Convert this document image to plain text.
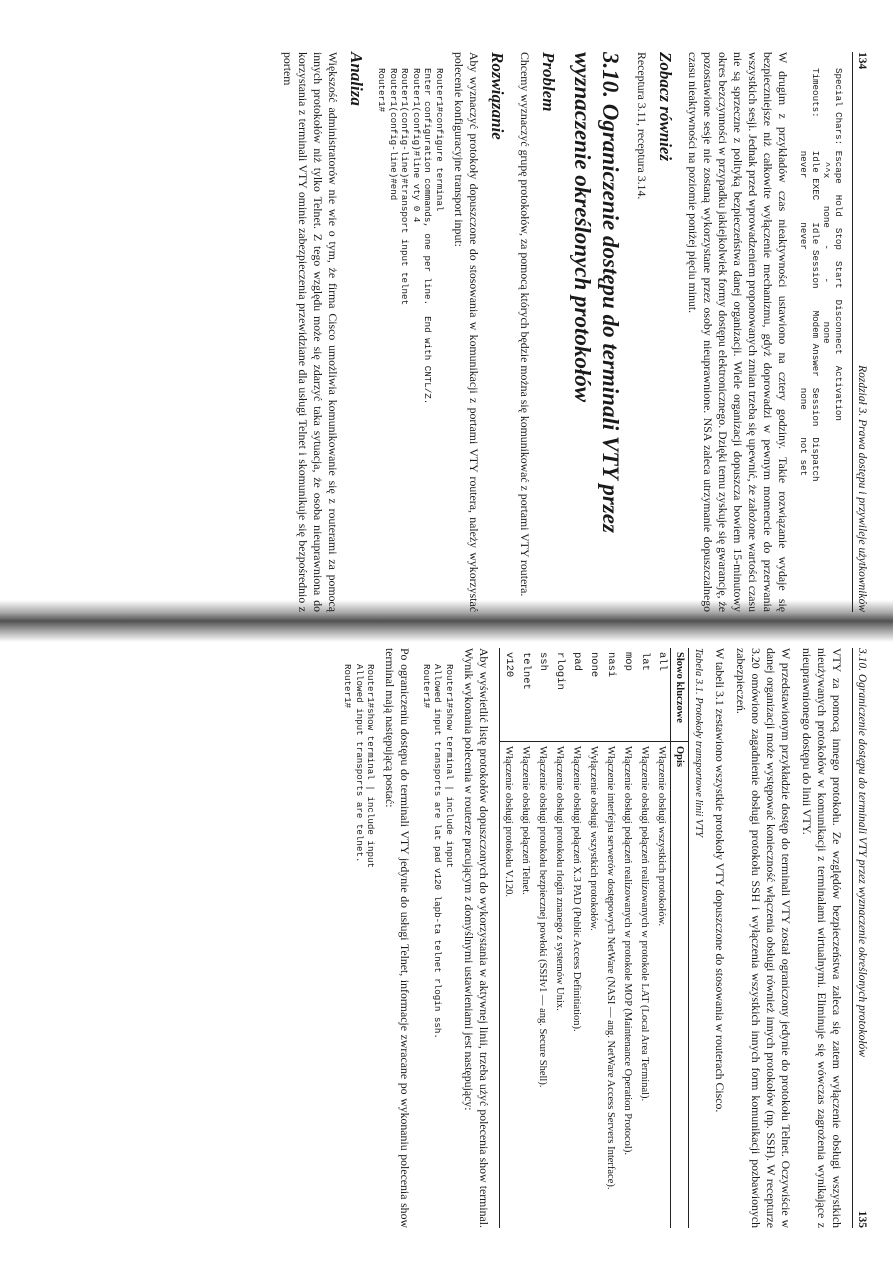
134
Rozdział 3. Prawa dostępu i przywileje użytkowników
Special Chars: Escape  Hold  Stop  Start  Disconnect  Activation
^^x     none   -     -       none
Timeouts:      Idle EXEC    Idle Session    Modem Answer  Session  Dispatch
never        never                         none     not set

W drugim z przykładów czas nieaktywności ustawiono na cztery godziny. Takie rozwiązanie wydaje się bezpieczniejsze niż całkowite wyłączenie mechanizmu, gdyż doprowadzi w pewnym momencie do przerwania wszystkich sesji. Jednak przed wprowadzeniem proponowanych zmian trzeba się upewnić, że założone wartości czasu nie są sprzeczne z polityką bezpieczeństwa danej organizacji. Wiele organizacji dopuszcza bowiem 15-minutowy okres bezczynności w przypadku jakiejkolwiek formy dostępu elektronicznego. Dzięki temu zyskuje się gwarancję, że pozostawione sesje nie zostaną wykorzystane przez osoby nieuprawnione. NSA zaleca utrzymanie dopuszczalnego czasu nieaktywności na poziomie poniżej pięciu minut.

Zobacz również

Receptura 3.11, receptura 3.14.

3.10. Ograniczenie dostępu do terminali VTY przez wyznaczenie określonych protokołów
Problem

Chcemy wyznaczyć grupę protokołów, za pomocą których będzie można się komunikować z portami VTY routera.

Rozwiązanie

Aby wyznaczyć protokoły dopuszczone do stosowania w komunikacji z portami VTY routera, należy wykorzystać polecenie konfiguracyjne transport input:

Router1#configure terminal
Enter configuration commands, one per line.  End with CNTL/Z.
Router1(config)#line vty 0 4
Router1(config-line)#transport input telnet
Router1(config-line)#end
Router1#
Analiza

Większość administratorów nie wie o tym, że firma Cisco umożliwia komunikowanie się z routerami za pomocą innych protokołów niż tylko Telnet. Z tego względu może się zdarzyć taka sytuacja, że osoba nieuprawniona do korzystania z terminali VTY ominie zabezpieczenia przewidziane dla usługi Telnet i skomunikuje się bezpośrednio z portem

3.10. Ograniczenie dostępu do terminali VTY przez wyznaczenie określonych protokołów
135

VTY za pomocą innego protokołu. Ze względów bezpieczeństwa zaleca się zatem wyłączenie obsługi wszystkich nieużywanych protokołów w komunikacji z terminalami wirtualnymi. Eliminuje się wówczas zagrożenia wynikające z nieuprawnionego dostępu do linii VTY.

W przedstawionym przykładzie dostęp do terminali VTY został ograniczony jedynie do protokołu Telnet. Oczywiście w danej organizacji może występować konieczność włączenia obsługi również innych protokołów (np. SSH). W recepturze 3.20 omówiono zagadnienie obsługi protokołu SSH i wyłączenia wszystkich innych form komunikacji pozbawionych zabezpieczeń.

W tabeli 3.1 zestawiono wszystkie protokoły VTY dopuszczone do stosowania w routerach Cisco.

Tabela 3.1. Protokoły transportowe linii VTY
Słowo kluczowe	Opis
all	Włączenie obsługi wszystkich protokołów.
lat	Włączenie obsługi połączeń realizowanych w protokole LAT (Local Area Terminal).
mop	Włączenie obsługi połączeń realizowanych w protokole MOP (Maintenance Operation Protocol).
nasi	Włączenie interfejsu serwerów dostępowych NetWare (NASI — ang. NetWare Access Servers Interface).
none	Wyłączenie obsługi wszystkich protokołów.
pad	Włączenie obsługi połączeń X.3 PAD (Public Access Definitiation).
rlogin	Włączenie obsługi protokołu rlogin znanego z systemów Unix.
ssh	Włączenie obsługi protokołu bezpiecznej powłoki (SSHv1 — ang. Secure Shell).
telnet	Włączenie obsługi połączeń Telnet.
v120	Włączenie obsługi protokołu V.120.

Aby wyświetlić listę protokołów dopuszczonych do wykorzystania w aktywnej linii, trzeba użyć polecenia show terminal. Wynik wykonania polecenia w routerze pracującym z domyślnymi ustawieniami jest następujący:

Router1#show terminal | include input
Allowed input transports are lat pad v120 lapb-ta telnet rlogin ssh.
Router1#

Po ograniczeniu dostępu do terminali VTY jedynie do usługi Telnet, informacje zwracane po wykonaniu polecenia show terminal mają następującą postać:

Router1#show terminal | include input
Allowed input transports are telnet.
Router1#
